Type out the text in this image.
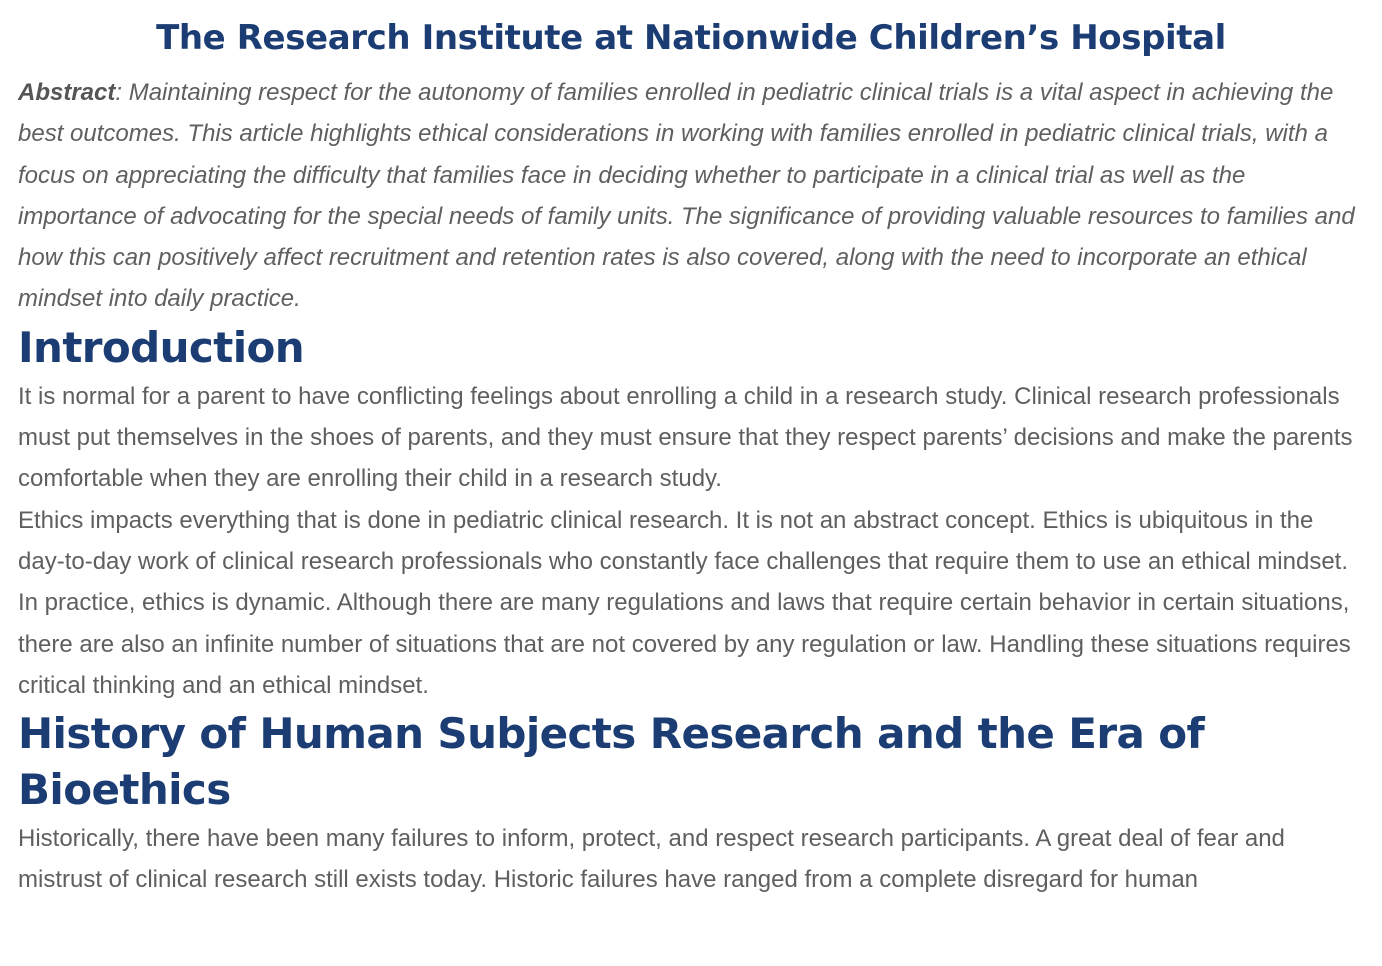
The Research Institute at Nationwide Children’s Hospital

Abstract: Maintaining respect for the autonomy of families enrolled in pediatric clinical trials is a vital aspect in achieving the best outcomes. This article highlights ethical considerations in working with families enrolled in pediatric clinical trials, with a focus on appreciating the difficulty that families face in deciding whether to participate in a clinical trial as well as the importance of advocating for the special needs of family units. The significance of providing valuable resources to families and how this can positively affect recruitment and retention rates is also covered, along with the need to incorporate an ethical mindset into daily practice.

Introduction

It is normal for a parent to have conflicting feelings about enrolling a child in a research study. Clinical research professionals must put themselves in the shoes of parents, and they must ensure that they respect parents’ decisions and make the parents comfortable when they are enrolling their child in a research study.

Ethics impacts everything that is done in pediatric clinical research. It is not an abstract concept. Ethics is ubiquitous in the day-to-day work of clinical research professionals who constantly face challenges that require them to use an ethical mindset.

In practice, ethics is dynamic. Although there are many regulations and laws that require certain behavior in certain situations, there are also an infinite number of situations that are not covered by any regulation or law. Handling these situations requires critical thinking and an ethical mindset.

History of Human Subjects Research and the Era of Bioethics

Historically, there have been many failures to inform, protect, and respect research participants. A great deal of fear and mistrust of clinical research still exists today. Historic failures have ranged from a complete disregard for human
